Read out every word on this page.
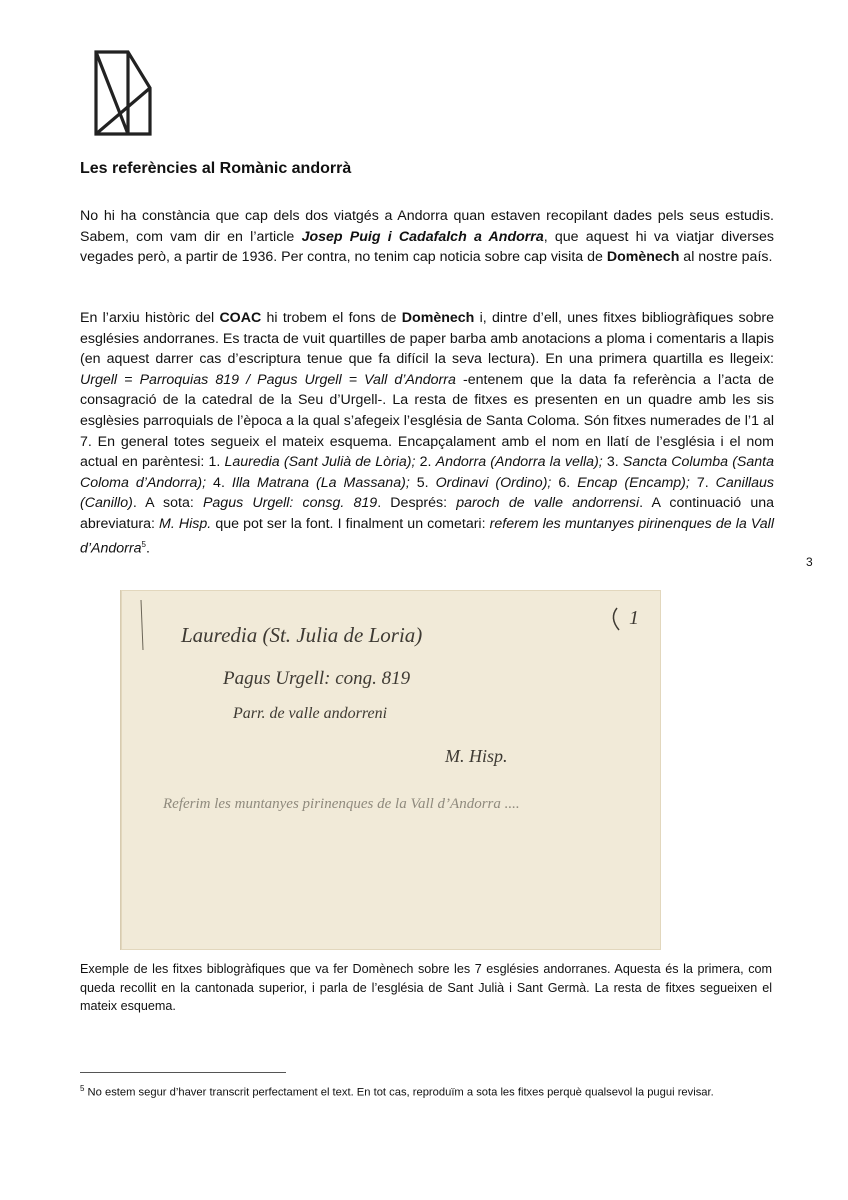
Les referències al Romànic andorrà

No hi ha constància que cap dels dos viatgés a Andorra quan estaven recopilant dades pels seus estudis. Sabem, com vam dir en l’article Josep Puig i Cadafalch a Andorra, que aquest hi va viatjar diverses vegades però, a partir de 1936. Per contra, no tenim cap noticia sobre cap visita de Domènech al nostre país.

En l’arxiu històric del COAC hi trobem el fons de Domènech i, dintre d’ell, unes fitxes bibliogràfiques sobre esglésies andorranes. Es tracta de vuit quartilles de paper barba amb anotacions a ploma i comentaris a llapis (en aquest darrer cas d’escriptura tenue que fa difícil la seva lectura). En una primera quartilla es llegeix: Urgell = Parroquias 819 / Pagus Urgell = Vall d’Andorra -entenem que la data fa referència a l’acta de consagració de la catedral de la Seu d’Urgell-. La resta de fitxes es presenten en un quadre amb les sis esglèsies parroquials de l’època a la qual s’afegeix l’església de Santa Coloma. Són fitxes numerades de l’1 al 7. En general totes segueix el mateix esquema. Encapçalament amb el nom en llatí de l’església i el nom actual en parèntesi: 1. Lauredia (Sant Julià de Lòria); 2. Andorra (Andorra la vella); 3. Sancta Columba (Santa Coloma d’Andorra); 4. Illa Matrana (La Massana); 5. Ordinavi (Ordino); 6. Encap (Encamp); 7. Canillaus (Canillo). A sota: Pagus Urgell: consg. 819. Després: paroch de valle andorrensi. A continuació una abreviatura: M. Hisp. que pot ser la font. I finalment un cometari: referem les muntanyes pirinenques de la Vall d’Andorra$^5$.

3
Lauredia (St. Julia de Loria)
Pagus Urgell: cong. 819
Parr. de valle andorreni
M. Hisp.
Referim les muntanyes pirinenques de la Vall d’Andorra ....
1

Exemple de les fitxes biblogràfiques que va fer Domènech sobre les 7 esglésies andorranes. Aquesta és la primera, com queda recollit en la cantonada superior, i parla de l’església de Sant Julià i Sant Germà. La resta de fitxes segueixen el mateix esquema.

$^5$ No estem segur d’haver transcrit perfectament el text. En tot cas, reproduïm a sota les fitxes perquè qualsevol la pugui revisar.
